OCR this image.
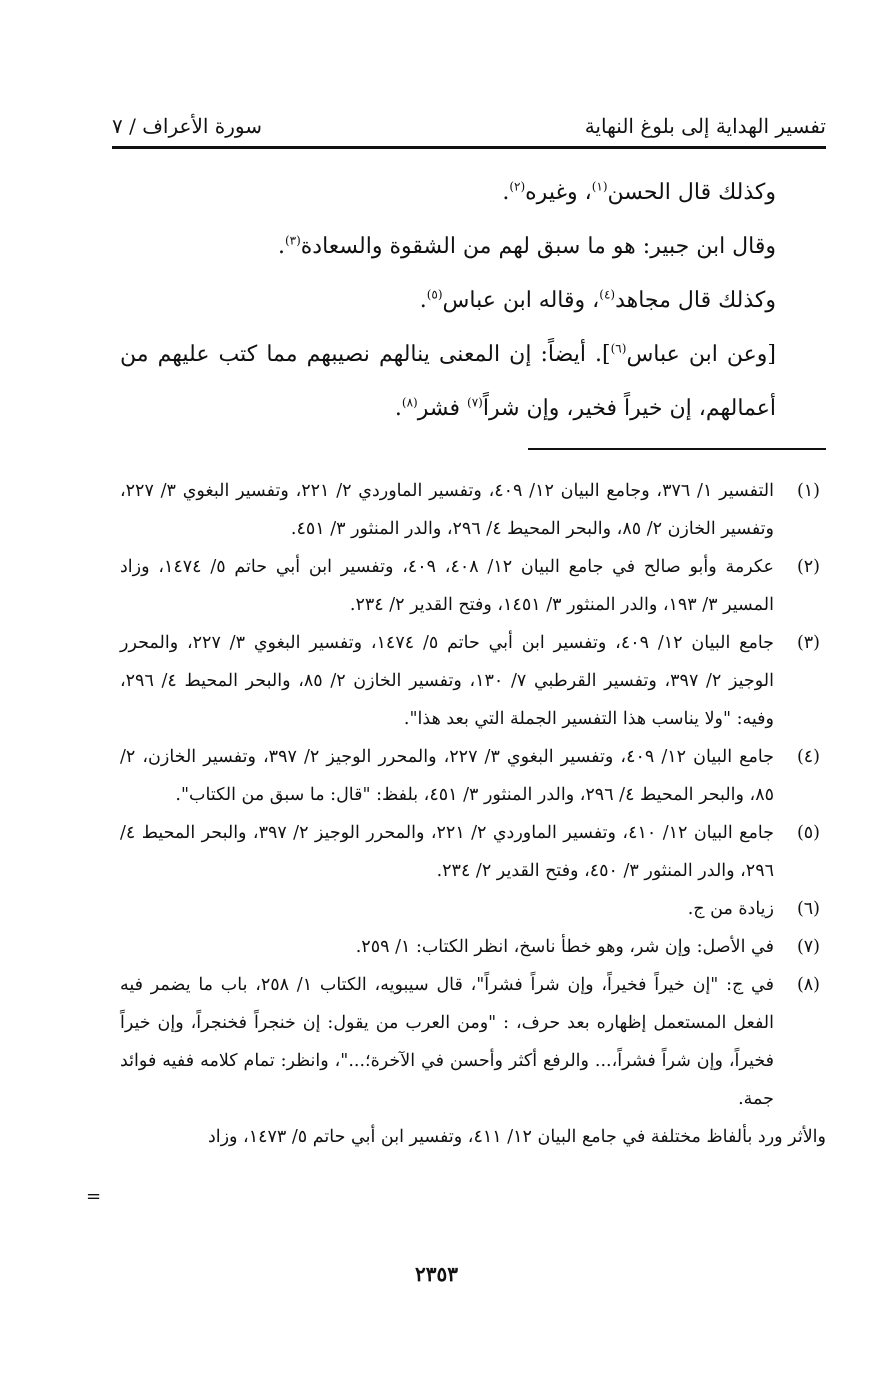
تفسير الهداية إلى بلوغ النهاية
سورة الأعراف / ٧

وكذلك قال الحسن$^{(١)}$، وغيره$^{(٢)}$.

وقال ابن جبير: هو ما سبق لهم من الشقوة والسعادة$^{(٣)}$.

وكذلك قال مجاهد$^{(٤)}$، وقاله ابن عباس$^{(٥)}$.

[وعن ابن عباس$^{(٦)}$]. أيضاً: إن المعنى ينالهم نصيبهم مما كتب عليهم من أعمالهم، إن خيراً فخير، وإن شراً$^{(٧)}$ فشر$^{(٨)}$.

(١)
التفسير ١/ ٣٧٦، وجامع البيان ١٢/ ٤٠٩، وتفسير الماوردي ٢/ ٢٢١، وتفسير البغوي ٣/ ٢٢٧، وتفسير الخازن ٢/ ٨٥، والبحر المحيط ٤/ ٢٩٦، والدر المنثور ٣/ ٤٥١.
(٢)
عكرمة وأبو صالح في جامع البيان ١٢/ ٤٠٨، ٤٠٩، وتفسير ابن أبي حاتم ٥/ ١٤٧٤، وزاد المسير ٣/ ١٩٣، والدر المنثور ٣/ ١٤٥١، وفتح القدير ٢/ ٢٣٤.
(٣)
جامع البيان ١٢/ ٤٠٩، وتفسير ابن أبي حاتم ٥/ ١٤٧٤، وتفسير البغوي ٣/ ٢٢٧، والمحرر الوجيز ٢/ ٣٩٧، وتفسير القرطبي ٧/ ١٣٠، وتفسير الخازن ٢/ ٨٥، والبحر المحيط ٤/ ٢٩٦، وفيه: "ولا يناسب هذا التفسير الجملة التي بعد هذا".
(٤)
جامع البيان ١٢/ ٤٠٩، وتفسير البغوي ٣/ ٢٢٧، والمحرر الوجيز ٢/ ٣٩٧، وتفسير الخازن، ٢/ ٨٥، والبحر المحيط ٤/ ٢٩٦، والدر المنثور ٣/ ٤٥١، بلفظ: "قال: ما سبق من الكتاب".
(٥)
جامع البيان ١٢/ ٤١٠، وتفسير الماوردي ٢/ ٢٢١، والمحرر الوجيز ٢/ ٣٩٧، والبحر المحيط ٤/ ٢٩٦، والدر المنثور ٣/ ٤٥٠، وفتح القدير ٢/ ٢٣٤.
(٦)
زيادة من ج.
(٧)
في الأصل: وإن شر، وهو خطأ ناسخ، انظر الكتاب: ١/ ٢٥٩.
(٨)
في ج: "إن خيراً فخيراً، وإن شراً فشراً"، قال سيبويه، الكتاب ١/ ٢٥٨، باب ما يضمر فيه الفعل المستعمل إظهاره بعد حرف، : "ومن العرب من يقول: إن خنجراً فخنجراً، وإن خيراً فخيراً، وإن شراً فشراً،... والرفع أكثر وأحسن في الآخرة؛..."، وانظر: تمام كلامه ففيه فوائد جمة.
والأثر ورد بألفاظ مختلفة في جامع البيان ١٢/ ٤١١، وتفسير ابن أبي حاتم ٥/ ١٤٧٣، وزاد
=
٢٣٥٣
